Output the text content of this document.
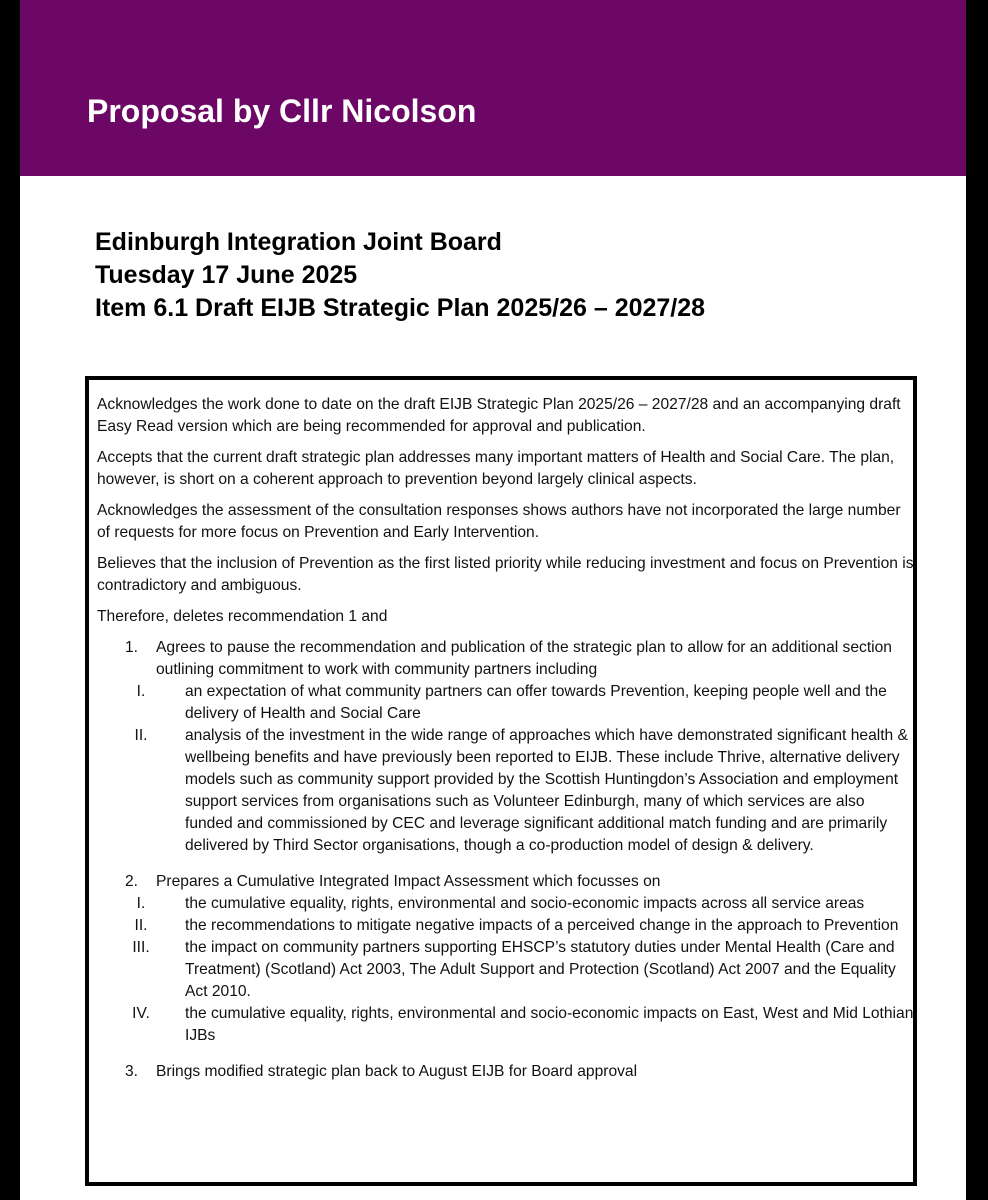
Proposal by Cllr Nicolson
Edinburgh Integration Joint Board
Tuesday 17 June 2025
Item 6.1 Draft EIJB Strategic Plan 2025/26 – 2027/28

Acknowledges the work done to date on the draft EIJB Strategic Plan 2025/26 – 2027/28 and an accompanying draft Easy Read version which are being recommended for approval and publication.

Accepts that the current draft strategic plan addresses many important matters of Health and Social Care. The plan, however, is short on a coherent approach to prevention beyond largely clinical aspects.

Acknowledges the assessment of the consultation responses shows authors have not incorporated the large number of requests for more focus on Prevention and Early Intervention.

Believes that the inclusion of Prevention as the first listed priority while reducing investment and focus on Prevention is contradictory and ambiguous.

Therefore, deletes recommendation 1 and

1. Agrees to pause the recommendation and publication of the strategic plan to allow for an additional section outlining commitment to work with community partners including
I.	an expectation of what community partners can offer towards Prevention, keeping people well and the delivery of Health and Social Care
II.	analysis of the investment in the wide range of approaches which have demonstrated significant health & wellbeing benefits and have previously been reported to EIJB. These include Thrive, alternative delivery models such as community support provided by the Scottish Huntingdon’s Association and employment support services from organisations such as Volunteer Edinburgh, many of which services are also funded and commissioned by CEC and leverage significant additional match funding and are primarily delivered by Third Sector organisations, though a co-production model of design & delivery.
2. Prepares a Cumulative Integrated Impact Assessment which focusses on
I.	the cumulative equality, rights, environmental and socio-economic impacts across all service areas
II.	the recommendations to mitigate negative impacts of a perceived change in the approach to Prevention
III.	the impact on community partners supporting EHSCP’s statutory duties under Mental Health (Care and Treatment) (Scotland) Act 2003, The Adult Support and Protection (Scotland) Act 2007 and the Equality Act 2010.
IV.	the cumulative equality, rights, environmental and socio-economic impacts on East, West and Mid Lothian IJBs
3. Brings modified strategic plan back to August EIJB for Board approval
